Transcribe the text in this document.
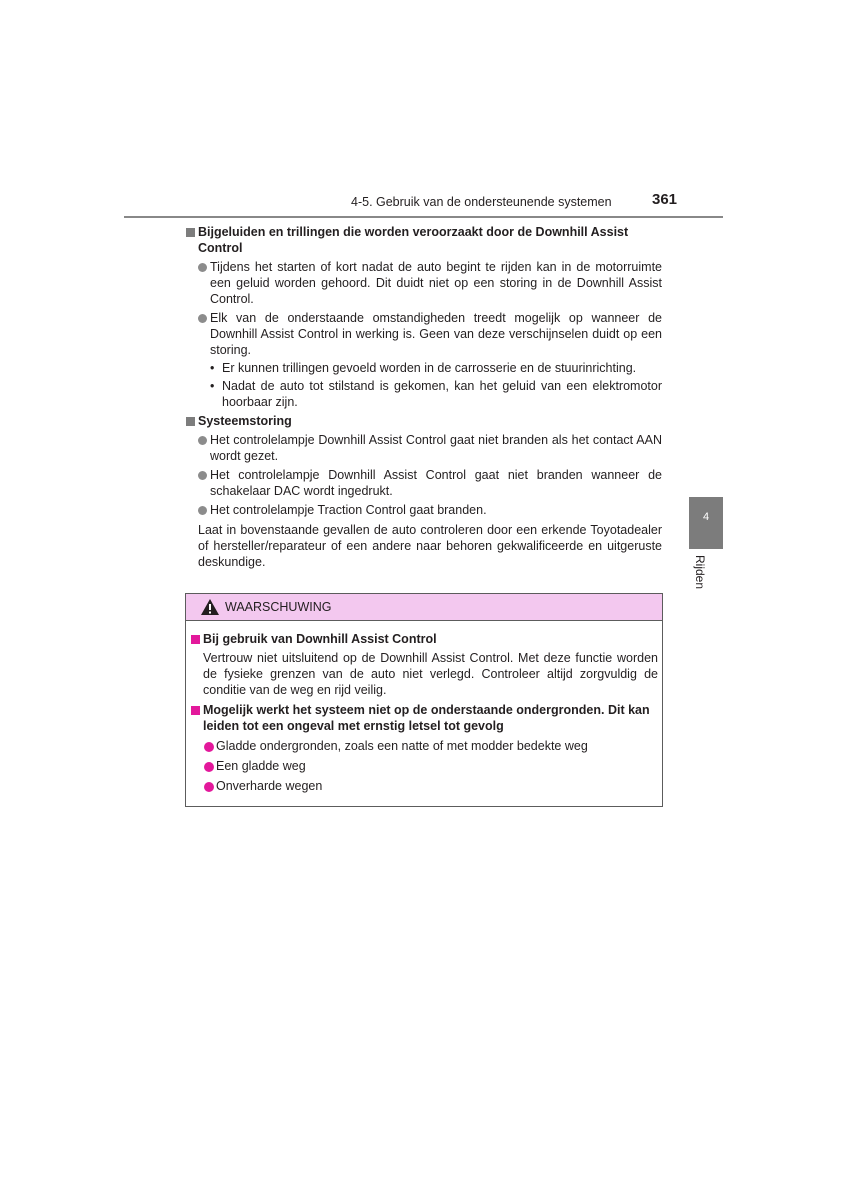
4-5. Gebruik van de ondersteunende systemen	361
Bijgeluiden en trillingen die worden veroorzaakt door de Downhill Assist Control
Tijdens het starten of kort nadat de auto begint te rijden kan in de motorruimte een geluid worden gehoord. Dit duidt niet op een storing in de Downhill Assist Control.
Elk van de onderstaande omstandigheden treedt mogelijk op wanneer de Downhill Assist Control in werking is. Geen van deze verschijnselen duidt op een storing.
• Er kunnen trillingen gevoeld worden in de carrosserie en de stuurinrichting.
• Nadat de auto tot stilstand is gekomen, kan het geluid van een elektromotor hoorbaar zijn.
Systeemstoring
Het controlelampje Downhill Assist Control gaat niet branden als het contact AAN wordt gezet.
Het controlelampje Downhill Assist Control gaat niet branden wanneer de schakelaar DAC wordt ingedrukt.
Het controlelampje Traction Control gaat branden.
Laat in bovenstaande gevallen de auto controleren door een erkende Toyotadealer of hersteller/reparateur of een andere naar behoren gekwalificeerde en uitgeruste deskundige.
WAARSCHUWING
Bij gebruik van Downhill Assist Control
Vertrouw niet uitsluitend op de Downhill Assist Control. Met deze functie worden de fysieke grenzen van de auto niet verlegd. Controleer altijd zorgvuldig de conditie van de weg en rijd veilig.
Mogelijk werkt het systeem niet op de onderstaande ondergronden. Dit kan leiden tot een ongeval met ernstig letsel tot gevolg
Gladde ondergronden, zoals een natte of met modder bedekte weg
Een gladde weg
Onverharde wegen
4
Rijden
